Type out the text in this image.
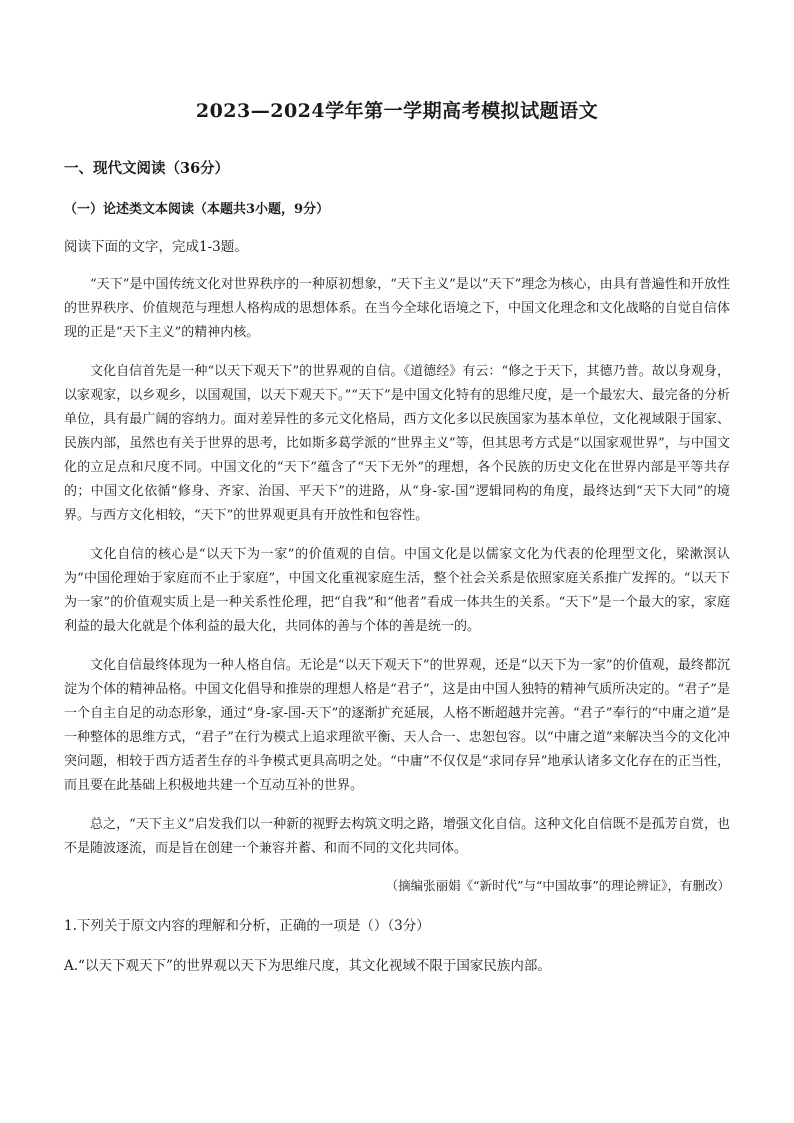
2023—2024学年第一学期高考模拟试题语文
一、现代文阅读（36分）
（一）论述类文本阅读（本题共3小题，9分）
阅读下面的文字，完成1-3题。

“天下”是中国传统文化对世界秩序的一种原初想象，“天下主义”是以“天下”理念为核心，由具有普遍性和开放性的世界秩序、价值规范与理想人格构成的思想体系。在当今全球化语境之下，中国文化理念和文化战略的自觉自信体现的正是“天下主义”的精神内核。

文化自信首先是一种“以天下观天下”的世界观的自信。《道德经》有云：“修之于天下，其德乃普。故以身观身，以家观家，以乡观乡，以国观国，以天下观天下。”“天下”是中国文化特有的思维尺度，是一个最宏大、最完备的分析单位，具有最广阔的容纳力。面对差异性的多元文化格局，西方文化多以民族国家为基本单位，文化视域限于国家、民族内部，虽然也有关于世界的思考，比如斯多葛学派的“世界主义”等，但其思考方式是“以国家观世界”，与中国文化的立足点和尺度不同。中国文化的“天下”蕴含了“天下无外”的理想，各个民族的历史文化在世界内部是平等共存的；中国文化依循“修身、齐家、治国、平天下”的进路，从“身-家-国”逻辑同构的角度，最终达到“天下大同”的境界。与西方文化相较，“天下”的世界观更具有开放性和包容性。

文化自信的核心是“以天下为一家”的价值观的自信。中国文化是以儒家文化为代表的伦理型文化，梁漱溟认为“中国伦理始于家庭而不止于家庭”，中国文化重视家庭生活，整个社会关系是依照家庭关系推广发挥的。“以天下为一家”的价值观实质上是一种关系性伦理，把“自我”和“他者”看成一体共生的关系。“天下”是一个最大的家，家庭利益的最大化就是个体利益的最大化，共同体的善与个体的善是统一的。

文化自信最终体现为一种人格自信。无论是“以天下观天下”的世界观，还是“以天下为一家”的价值观，最终都沉淀为个体的精神品格。中国文化倡导和推崇的理想人格是“君子”，这是由中国人独特的精神气质所决定的。“君子”是一个自主自足的动态形象，通过“身-家-国-天下”的逐渐扩充延展，人格不断超越并完善。“君子”奉行的“中庸之道”是一种整体的思维方式，“君子”在行为模式上追求理欲平衡、天人合一、忠恕包容。以“中庸之道”来解决当今的文化冲突问题，相较于西方适者生存的斗争模式更具高明之处。“中庸”不仅仅是“求同存异”地承认诸多文化存在的正当性，而且要在此基础上积极地共建一个互动互补的世界。

总之，“天下主义”启发我们以一种新的视野去构筑文明之路，增强文化自信。这种文化自信既不是孤芳自赏，也不是随波逐流，而是旨在创建一个兼容并蓄、和而不同的文化共同体。

（摘编张丽娟《“新时代”与“中国故事”的理论辨证》，有删改）
1.下列关于原文内容的理解和分析，正确的一项是（）（3分）
A.“以天下观天下”的世界观以天下为思维尺度，其文化视域不限于国家民族内部。
